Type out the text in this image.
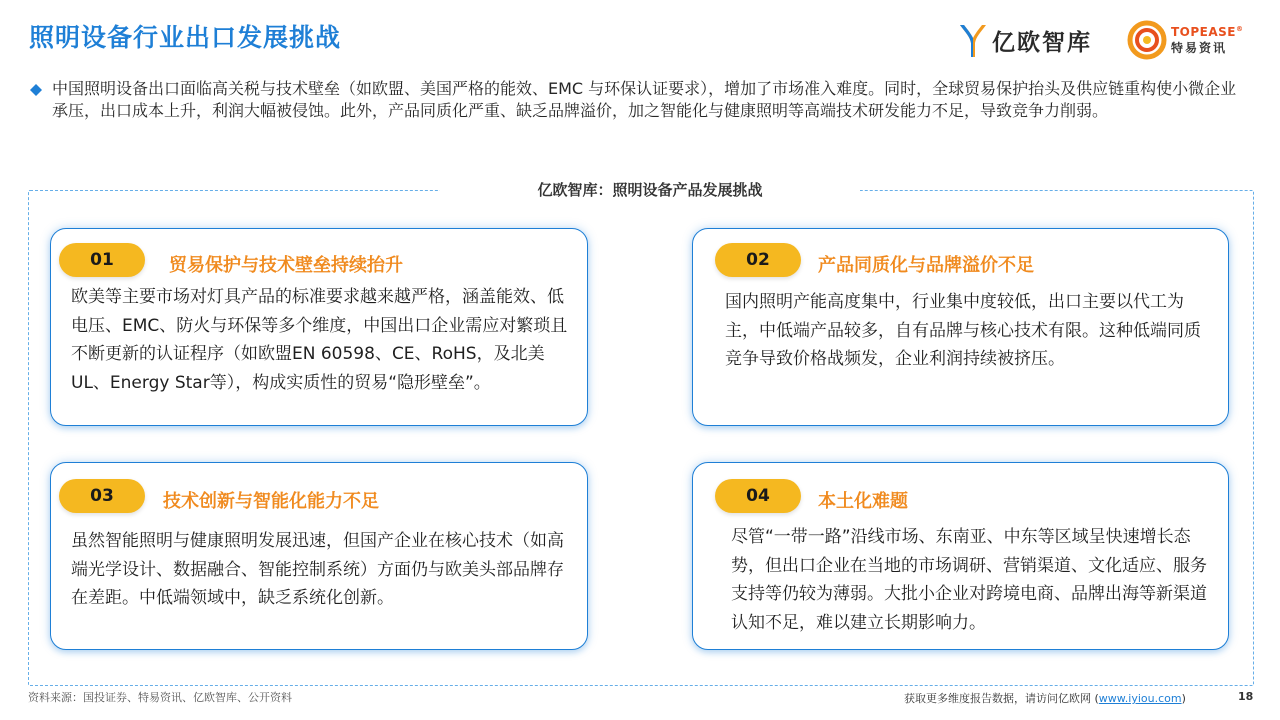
照明设备行业出口发展挑战	亿欧智库	TOPEASE®
特易资讯

中国照明设备出口面临高关税与技术壁垒（如欧盟、美国严格的能效、EMC 与环保认证要求），增加了市场准入难度。同时，全球贸易保护抬头及供应链重构使小微企业承压，出口成本上升，利润大幅被侵蚀。此外，产品同质化严重、缺乏品牌溢价，加之智能化与健康照明等高端技术研发能力不足，导致竞争力削弱。

亿欧智库：照明设备产品发展挑战
01	贸易保护与技术壁垒持续抬升
欧美等主要市场对灯具产品的标准要求越来越严格，涵盖能效、低电压、EMC、防火与环保等多个维度，中国出口企业需应对繁琐且不断更新的认证程序（如欧盟EN 60598、CE、RoHS，及北美UL、Energy Star等），构成实质性的贸易“隐形壁垒”。
02	产品同质化与品牌溢价不足
国内照明产能高度集中，行业集中度较低，出口主要以代工为主，中低端产品较多，自有品牌与核心技术有限。这种低端同质竞争导致价格战频发，企业利润持续被挤压。
03	技术创新与智能化能力不足
虽然智能照明与健康照明发展迅速，但国产企业在核心技术（如高端光学设计、数据融合、智能控制系统）方面仍与欧美头部品牌存在差距。中低端领域中，缺乏系统化创新。
04	本土化难题
尽管“一带一路”沿线市场、东南亚、中东等区域呈快速增长态势，但出口企业在当地的市场调研、营销渠道、文化适应、服务支持等仍较为薄弱。大批小企业对跨境电商、品牌出海等新渠道认知不足，难以建立长期影响力。
资料来源：国投证券、特易资讯、亿欧智库、公开资料	获取更多维度报告数据，请访问亿欧网 (www.iyiou.com)	18
